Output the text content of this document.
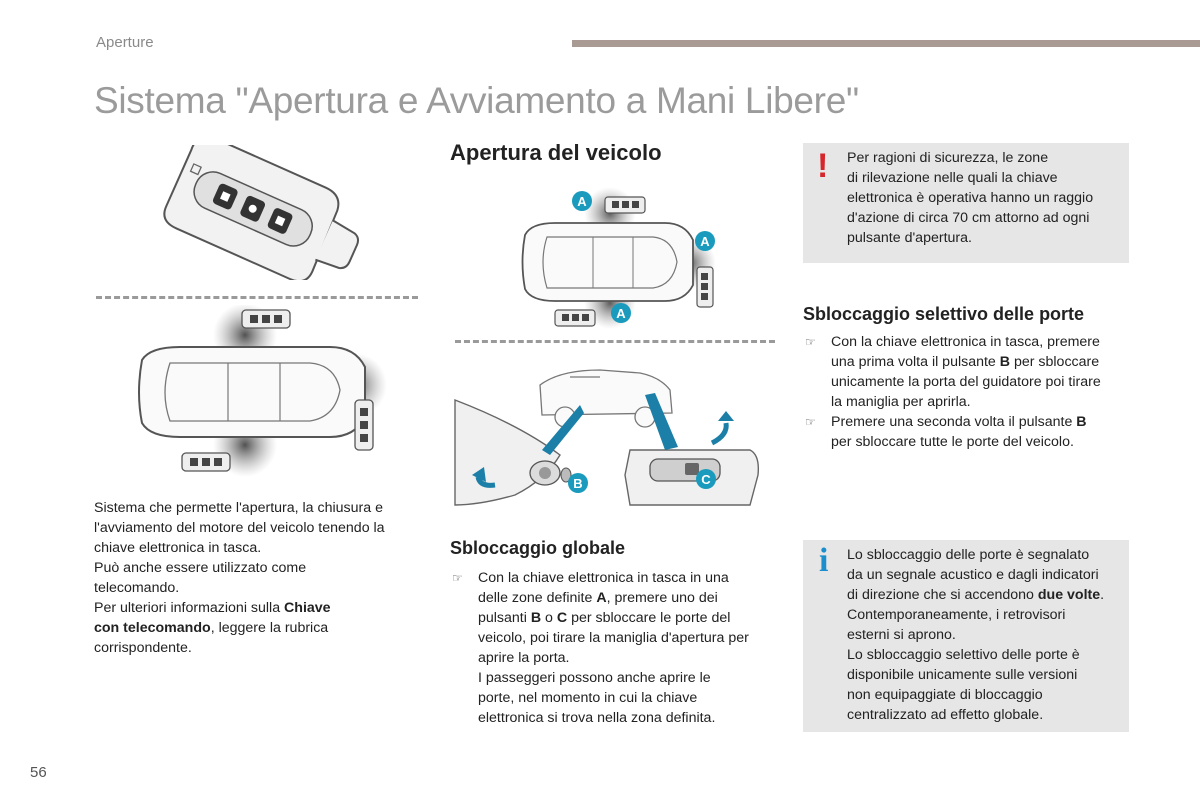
Aperture
Sistema "Apertura e Avviamento a Mani Libere"
Sistema che permette l'apertura, la chiusura e
l'avviamento del motore del veicolo tenendo la
chiave elettronica in tasca.
Può anche essere utilizzato come
telecomando.
Per ulteriori informazioni sulla Chiave
con telecomando, leggere la rubrica
corrispondente.
Apertura del veicolo
A
A
A
B	C
Sbloccaggio globale
☞ Con la chiave elettronica in tasca in una
delle zone definite A, premere uno dei
pulsanti B o C per sbloccare le porte del
veicolo, poi tirare la maniglia d'apertura per
aprire la porta.
I passeggeri possono anche aprire le
porte, nel momento in cui la chiave
elettronica si trova nella zona definita.
! Per ragioni di sicurezza, le zone
di rilevazione nelle quali la chiave
elettronica è operativa hanno un raggio
d'azione di circa 70 cm attorno ad ogni
pulsante d'apertura.
Sbloccaggio selettivo delle porte
☞ Con la chiave elettronica in tasca, premere
una prima volta il pulsante B per sbloccare
unicamente la porta del guidatore poi tirare
la maniglia per aprirla.
☞ Premere una seconda volta il pulsante B
per sbloccare tutte le porte del veicolo.
i Lo sbloccaggio delle porte è segnalato
da un segnale acustico e dagli indicatori
di direzione che si accendono due volte.
Contemporaneamente, i retrovisori
esterni si aprono.
Lo sbloccaggio selettivo delle porte è
disponibile unicamente sulle versioni
non equipaggiate di bloccaggio
centralizzato ad effetto globale.
56
